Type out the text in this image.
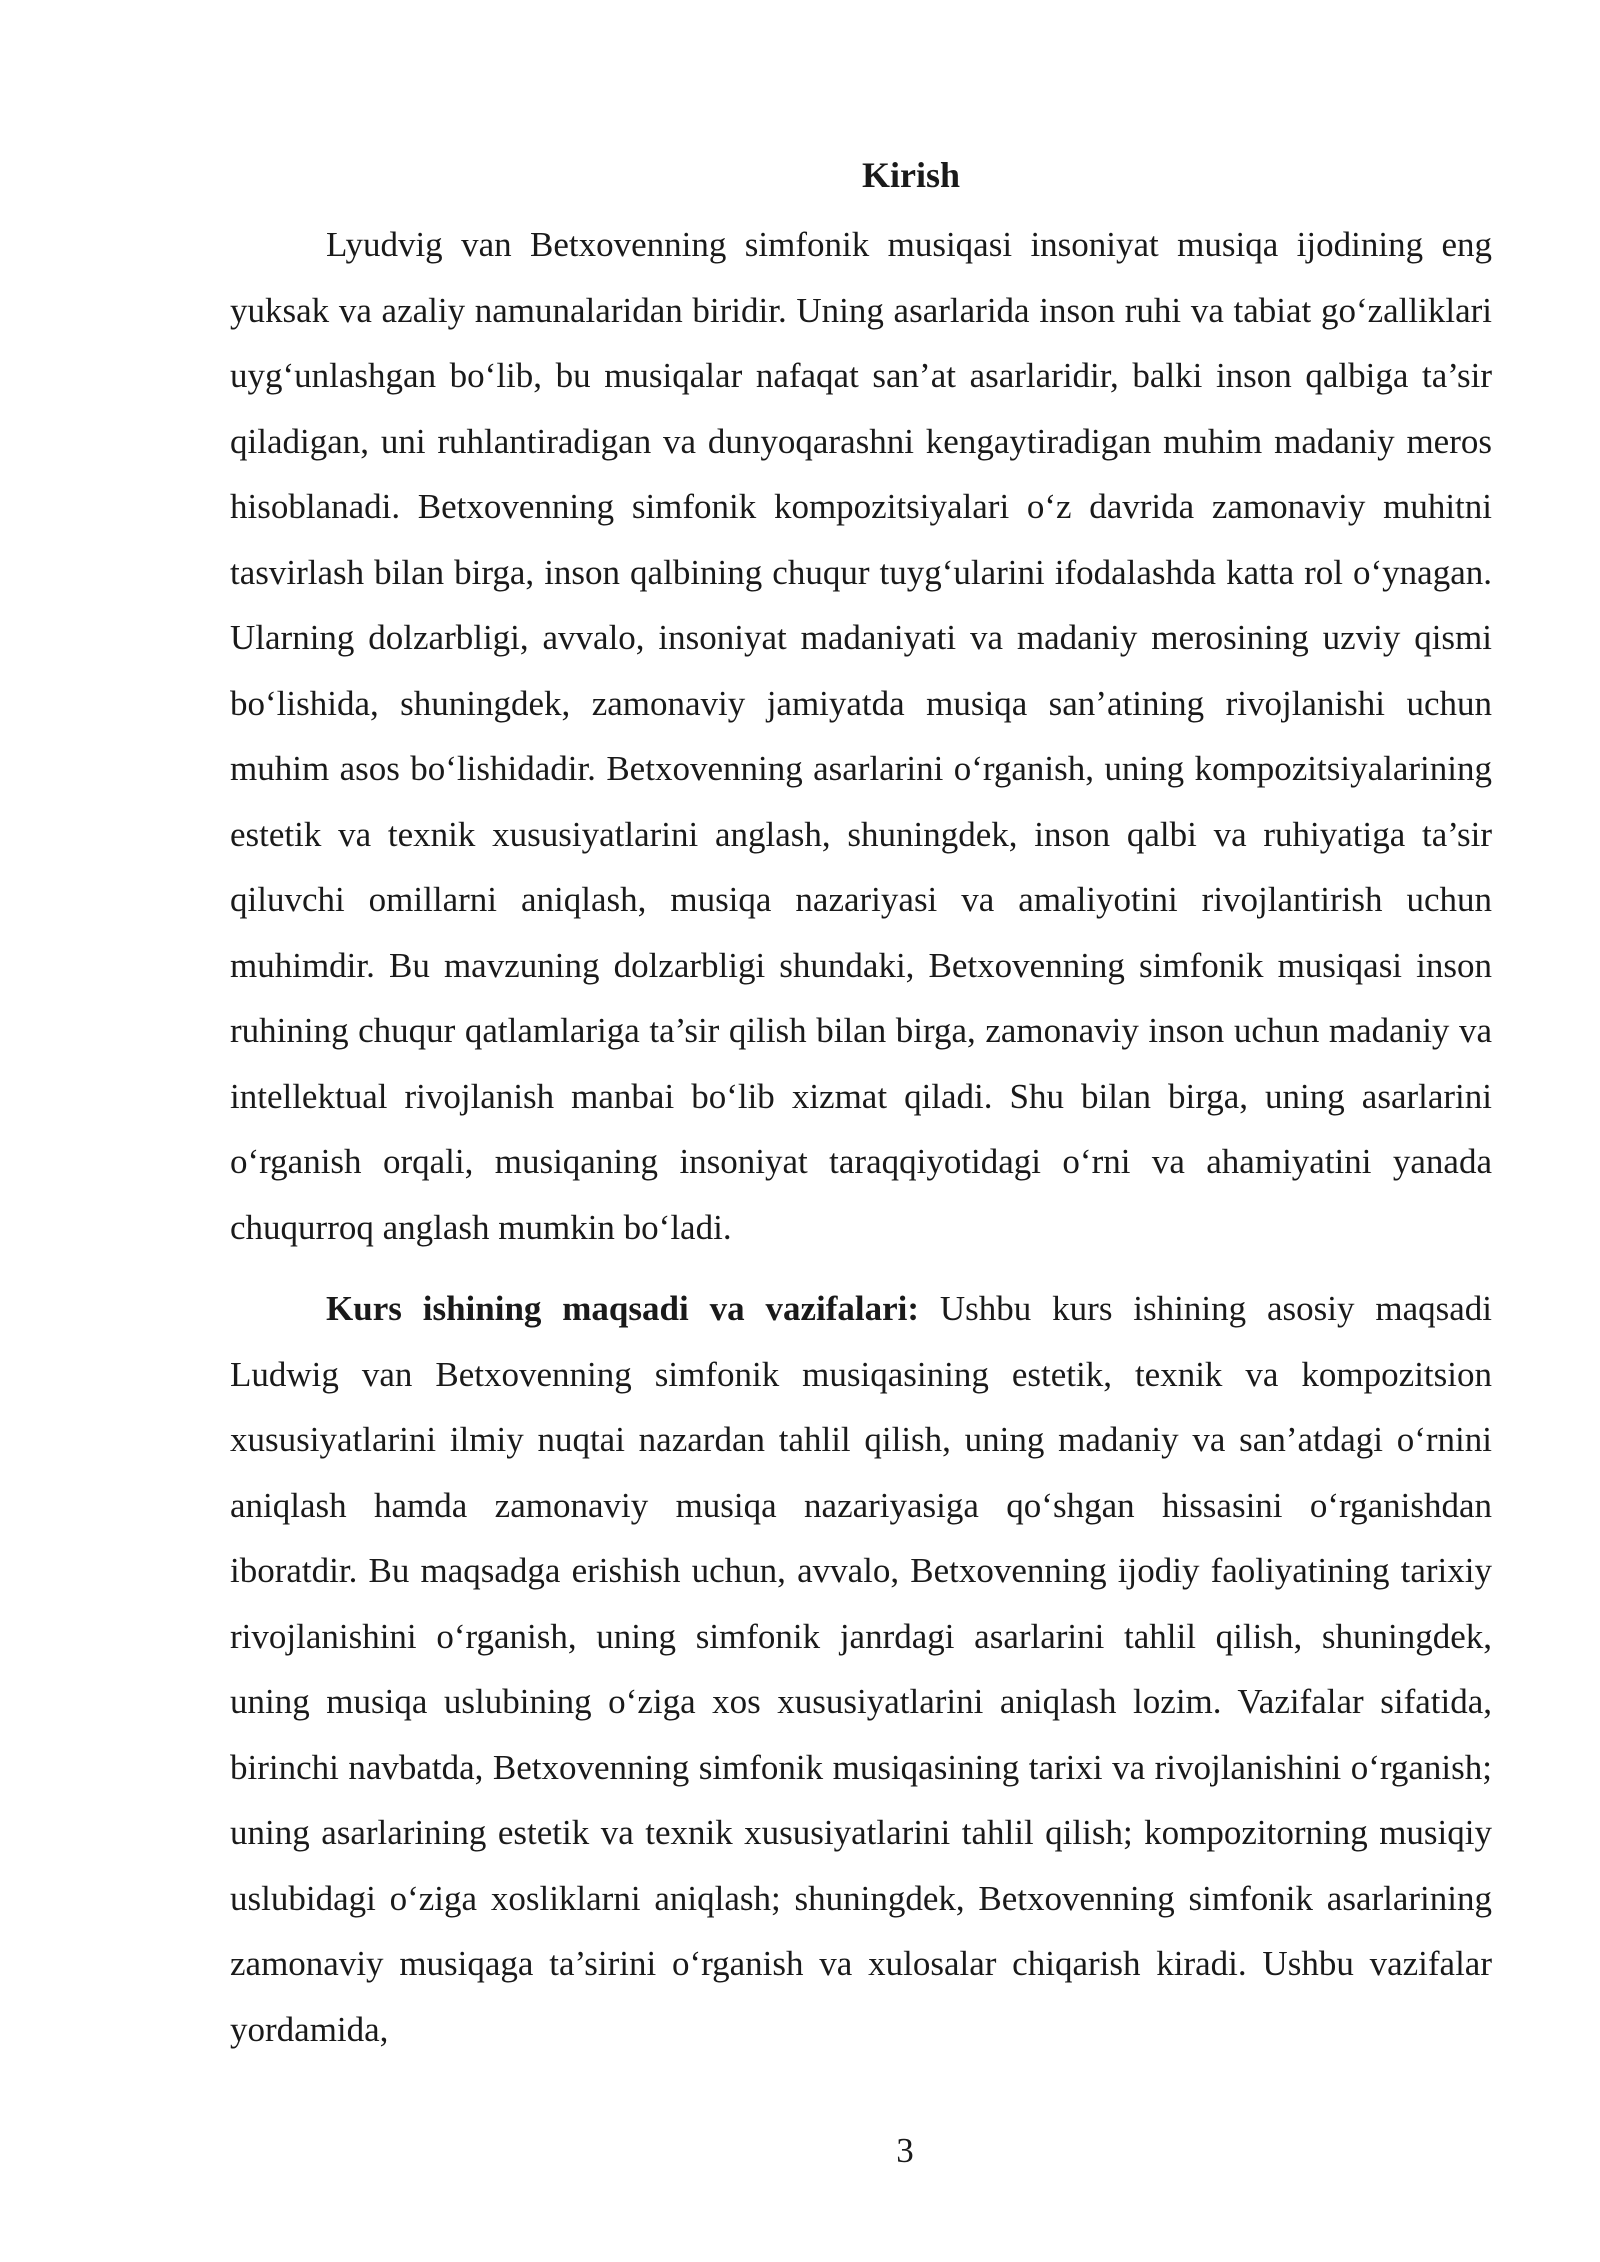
Kirish

Lyudvig van Betxovenning simfonik musiqasi insoniyat musiqa ijodining eng yuksak va azaliy namunalaridan biridir. Uning asarlarida inson ruhi va tabiat go‘zalliklari uyg‘unlashgan bo‘lib, bu musiqalar nafaqat san’at asarlaridir, balki inson qalbiga ta’sir qiladigan, uni ruhlantiradigan va dunyoqarashni kengaytiradigan muhim madaniy meros hisoblanadi. Betxovenning simfonik kompozitsiyalari o‘z davrida zamonaviy muhitni tasvirlash bilan birga, inson qalbining chuqur tuyg‘ularini ifodalashda katta rol o‘ynagan. Ularning dolzarbligi, avvalo, insoniyat madaniyati va madaniy merosining uzviy qismi bo‘lishida, shuningdek, zamonaviy jamiyatda musiqa san’atining rivojlanishi uchun muhim asos bo‘lishidadir. Betxovenning asarlarini o‘rganish, uning kompozitsiyalarining estetik va texnik xususiyatlarini anglash, shuningdek, inson qalbi va ruhiyatiga ta’sir qiluvchi omillarni aniqlash, musiqa nazariyasi va amaliyotini rivojlantirish uchun muhimdir. Bu mavzuning dolzarbligi shundaki, Betxovenning simfonik musiqasi inson ruhining chuqur qatlamlariga ta’sir qilish bilan birga, zamonaviy inson uchun madaniy va intellektual rivojlanish manbai bo‘lib xizmat qiladi. Shu bilan birga, uning asarlarini o‘rganish orqali, musiqaning insoniyat taraqqiyotidagi o‘rni va ahamiyatini yanada chuqurroq anglash mumkin bo‘ladi.

Kurs ishining maqsadi va vazifalari: Ushbu kurs ishining asosiy maqsadi Ludwig van Betxovenning simfonik musiqasining estetik, texnik va kompozitsion xususiyatlarini ilmiy nuqtai nazardan tahlil qilish, uning madaniy va san’atdagi o‘rnini aniqlash hamda zamonaviy musiqa nazariyasiga qo‘shgan hissasini o‘rganishdan iboratdir. Bu maqsadga erishish uchun, avvalo, Betxovenning ijodiy faoliyatining tarixiy rivojlanishini o‘rganish, uning simfonik janrdagi asarlarini tahlil qilish, shuningdek, uning musiqa uslubining o‘ziga xos xususiyatlarini aniqlash lozim. Vazifalar sifatida, birinchi navbatda, Betxovenning simfonik musiqasining tarixi va rivojlanishini o‘rganish; uning asarlarining estetik va texnik xususiyatlarini tahlil qilish; kompozitorning musiqiy uslubidagi o‘ziga xosliklarni aniqlash; shuningdek, Betxovenning simfonik asarlarining zamonaviy musiqaga ta’sirini o‘rganish va xulosalar chiqarish kiradi. Ushbu vazifalar yordamida,

3
